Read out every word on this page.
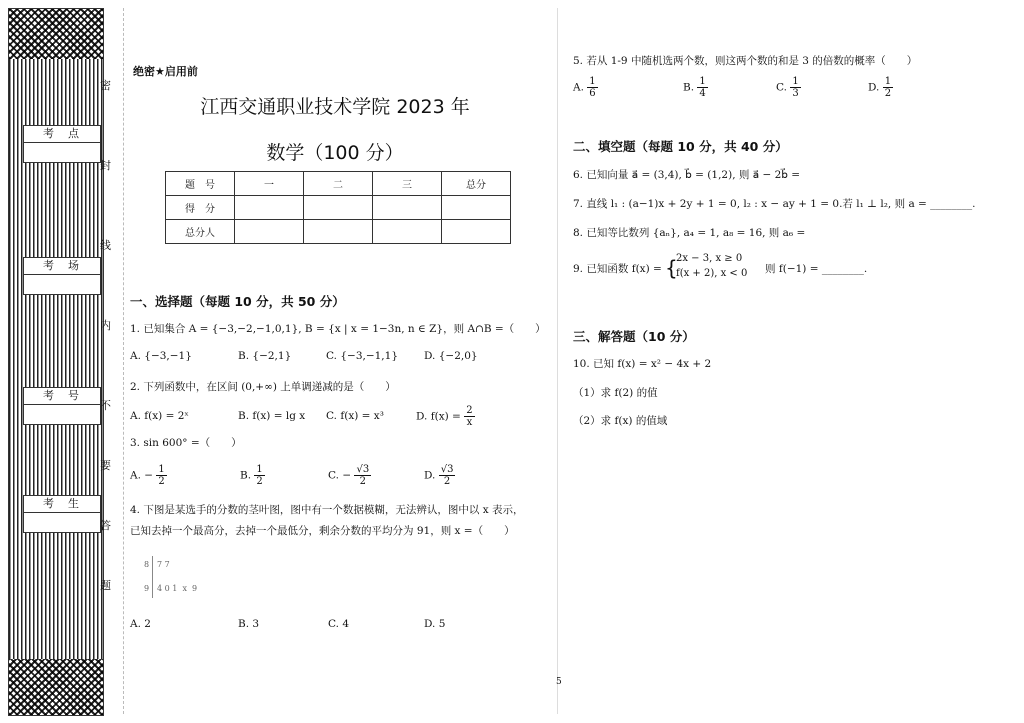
考点
考场
考号
考生
密
封
线
内
不
要
答
题
绝密★启用前
江西交通职业技术学院 2023 年
数学（100 分）
题　号	一	二	三	总分
得　分				
总分人				
一、选择题（每题 10 分，共 50 分）
1. 已知集合 A = {−3,−2,−1,0,1}, B = {x | x = 1−3n, n ∈ Z}，则 A∩B =（　　）
A. {−3,−1}	B. {−2,1}	C. {−3,−1,1} D. {−2,0}
2. 下列函数中，在区间 (0,+∞) 上单调递减的是（　　）
A. f(x) = 2ˣ	B. f(x) = lg x C. f(x) = x³	D. $f(x) = \frac{2}{x}$
3. sin 600° =（　　）
A. − $\frac{1}{2}$	B. $\frac{1}{2}$	C. − $\frac{√3}{2}$	D. $\frac{√3}{2}$
4. 下图是某选手的分数的茎叶图，图中有一个数据模糊，无法辨认，图中以 x 表示，
已知去掉一个最高分，去掉一个最低分，剩余分数的平均分为 91，则 x =（　　）
8 7 7
9 4 0 1  x  9
A. 2	B. 3	C. 4	D. 5
5. 若从 1-9 中随机选两个数，则这两个数的和是 3 的倍数的概率（　　）
A. $\frac{1}{6}$	B. $\frac{1}{4}$	C. $\frac{1}{3}$	D. $\frac{1}{2}$
二、填空题（每题 10 分，共 40 分）
6. 已知向量 a⃗ = (3,4), b⃗ = (1,2), 则 a⃗ − 2b⃗ =
7. 直线 l₁ : (a−1)x + 2y + 1 = 0, l₂ : x − ay + 1 = 0.若 l₁ ⊥ l₂, 则 a = ________.
8. 已知等比数列 {aₙ}, a₄ = 1, a₈ = 16, 则 a₆ =
9. 已知函数 f(x) = {
2x − 3, x ≥ 0
f(x + 2), x < 0 则 f(−1) = ________.
三、解答题（10 分）
10. 已知 f(x) = x² − 4x + 2
（1）求 f(2) 的值
（2）求 f(x) 的值域
5
